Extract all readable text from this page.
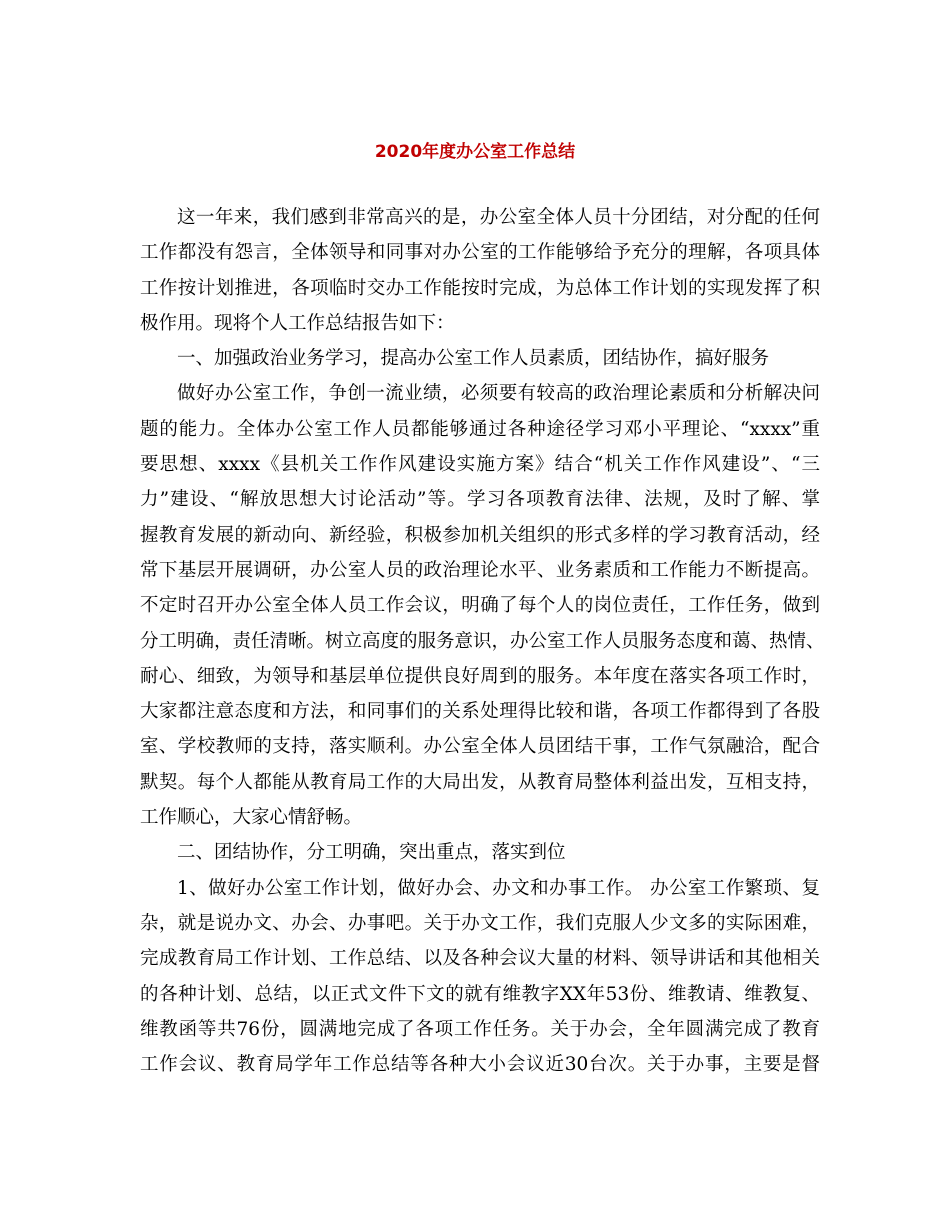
2020年度办公室工作总结
这一年来，我们感到非常高兴的是，办公室全体人员十分团结，对分配的任何
工作都没有怨言，全体领导和同事对办公室的工作能够给予充分的理解，各项具体
工作按计划推进，各项临时交办工作能按时完成，为总体工作计划的实现发挥了积
极作用。现将个人工作总结报告如下：
一、加强政治业务学习，提高办公室工作人员素质，团结协作，搞好服务
做好办公室工作，争创一流业绩，必须要有较高的政治理论素质和分析解决问
题的能力。全体办公室工作人员都能够通过各种途径学习邓小平理论、“xxxx”重
要思想、xxxx《县机关工作作风建设实施方案》结合“机关工作作风建设”、“三
力”建设、“解放思想大讨论活动”等。学习各项教育法律、法规，及时了解、掌
握教育发展的新动向、新经验，积极参加机关组织的形式多样的学习教育活动，经
常下基层开展调研，办公室人员的政治理论水平、业务素质和工作能力不断提高。
不定时召开办公室全体人员工作会议，明确了每个人的岗位责任，工作任务，做到
分工明确，责任清晰。树立高度的服务意识，办公室工作人员服务态度和蔼、热情、
耐心、细致，为领导和基层单位提供良好周到的服务。本年度在落实各项工作时，
大家都注意态度和方法，和同事们的关系处理得比较和谐，各项工作都得到了各股
室、学校教师的支持，落实顺利。办公室全体人员团结干事，工作气氛融洽，配合
默契。每个人都能从教育局工作的大局出发，从教育局整体利益出发，互相支持，
工作顺心，大家心情舒畅。
二、团结协作，分工明确，突出重点，落实到位
1、做好办公室工作计划，做好办会、办文和办事工作。 办公室工作繁琐、复
杂，就是说办文、办会、办事吧。关于办文工作，我们克服人少文多的实际困难，
完成教育局工作计划、工作总结、以及各种会议大量的材料、领导讲话和其他相关
的各种计划、总结，以正式文件下文的就有维教字XX年53份、维教请、维教复、
维教函等共76份，圆满地完成了各项工作任务。关于办会，全年圆满完成了教育
工作会议、教育局学年工作总结等各种大小会议近30台次。关于办事，主要是督
